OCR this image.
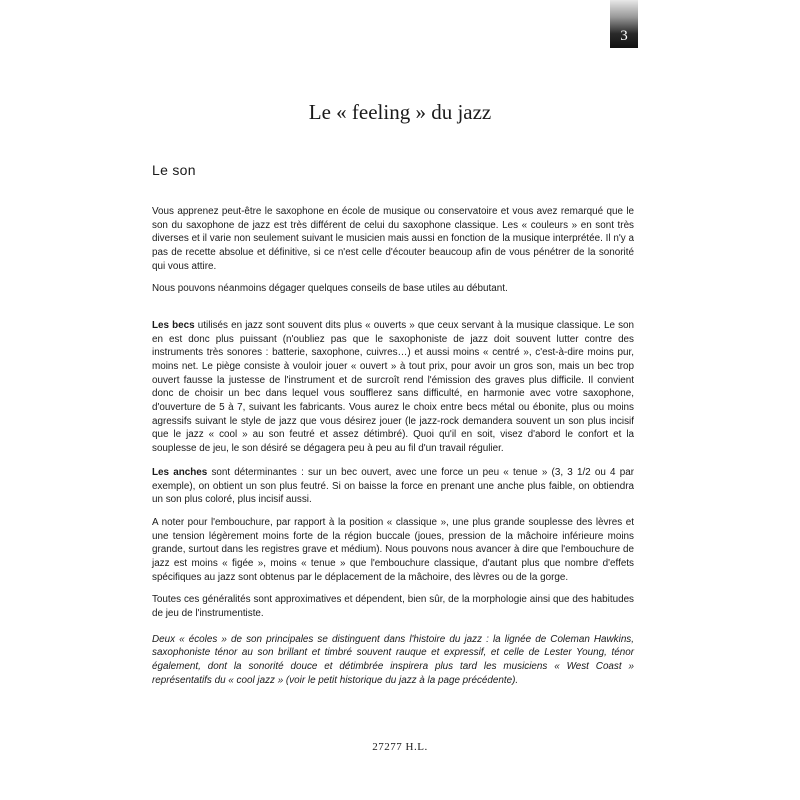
3
Le « feeling » du jazz
Le son

Vous apprenez peut-être le saxophone en école de musique ou conservatoire et vous avez remarqué que le son du saxophone de jazz est très différent de celui du saxophone classique. Les « couleurs » en sont très diverses et il varie non seulement suivant le musicien mais aussi en fonction de la musique interprétée. Il n'y a pas de recette absolue et définitive, si ce n'est celle d'écouter beaucoup afin de vous pénétrer de la sonorité qui vous attire.

Nous pouvons néanmoins dégager quelques conseils de base utiles au débutant.

Les becs utilisés en jazz sont souvent dits plus « ouverts » que ceux servant à la musique classique. Le son en est donc plus puissant (n'oubliez pas que le saxophoniste de jazz doit souvent lutter contre des instruments très sonores : batterie, saxophone, cuivres…) et aussi moins « centré », c'est-à-dire moins pur, moins net. Le piège consiste à vouloir jouer « ouvert » à tout prix, pour avoir un gros son, mais un bec trop ouvert fausse la justesse de l'instrument et de surcroît rend l'émission des graves plus difficile. Il convient donc de choisir un bec dans lequel vous soufflerez sans difficulté, en harmonie avec votre saxophone, d'ouverture de 5 à 7, suivant les fabricants. Vous aurez le choix entre becs métal ou ébonite, plus ou moins agressifs suivant le style de jazz que vous désirez jouer (le jazz-rock demandera souvent un son plus incisif que le jazz « cool » au son feutré et assez détimbré). Quoi qu'il en soit, visez d'abord le confort et la souplesse de jeu, le son désiré se dégagera peu à peu au fil d'un travail régulier.

Les anches sont déterminantes : sur un bec ouvert, avec une force un peu « tenue » (3, 3 1/2 ou 4 par exemple), on obtient un son plus feutré. Si on baisse la force en prenant une anche plus faible, on obtiendra un son plus coloré, plus incisif aussi.

A noter pour l'embouchure, par rapport à la position « classique », une plus grande souplesse des lèvres et une tension légèrement moins forte de la région buccale (joues, pression de la mâchoire inférieure moins grande, surtout dans les registres grave et médium). Nous pouvons nous avancer à dire que l'embouchure de jazz est moins « figée », moins « tenue » que l'embouchure classique, d'autant plus que nombre d'effets spécifiques au jazz sont obtenus par le déplacement de la mâchoire, des lèvres ou de la gorge.

Toutes ces généralités sont approximatives et dépendent, bien sûr, de la morphologie ainsi que des habitudes de jeu de l'instrumentiste.

Deux « écoles » de son principales se distinguent dans l'histoire du jazz : la lignée de Coleman Hawkins, saxophoniste ténor au son brillant et timbré souvent rauque et expressif, et celle de Lester Young, ténor également, dont la sonorité douce et détimbrée inspirera plus tard les musiciens « West Coast » représentatifs du « cool jazz » (voir le petit historique du jazz à la page précédente).

27277 H.L.
